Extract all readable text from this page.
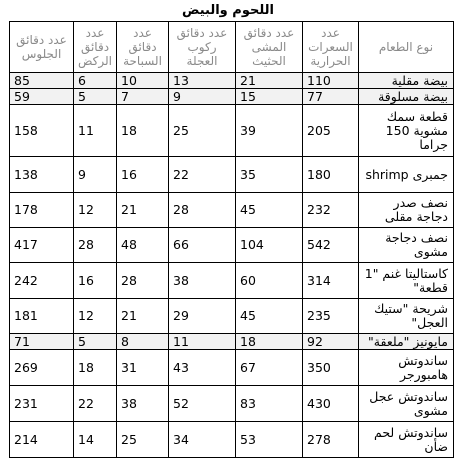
اللحوم والبيض
نوع الطعام	عدد السعرات الحرارية	عدد دقائق المشى الحثيث	عدد دقائق ركوب العجلة	عدد دقائق السباحة	عدد دقائق الركض	عدد دقائق الجلوس
بيضة مقلية	110	21	13	10	6	85
بيضة مسلوقة	77	15	9	7	5	59
قطعة سمك مشوية 150 جراما	205	39	25	18	11	158
جمبرى shrimp	180	35	22	16	9	138
نصف صدر دجاجة مقلى	232	45	28	21	12	178
نصف دجاجة مشوى	542	104	66	48	28	417
كاستاليتا غنم "1 قطعة"	314	60	38	28	16	242
شريحة "ستيك العجل"	235	45	29	21	12	181
مايونيز "ملعقة"	92	18	11	8	5	71
ساندوتش هامبورجر	350	67	43	31	18	269
ساندوتش عجل مشوى	430	83	52	38	22	231
ساندوتش لحم ضأن	278	53	34	25	14	214
